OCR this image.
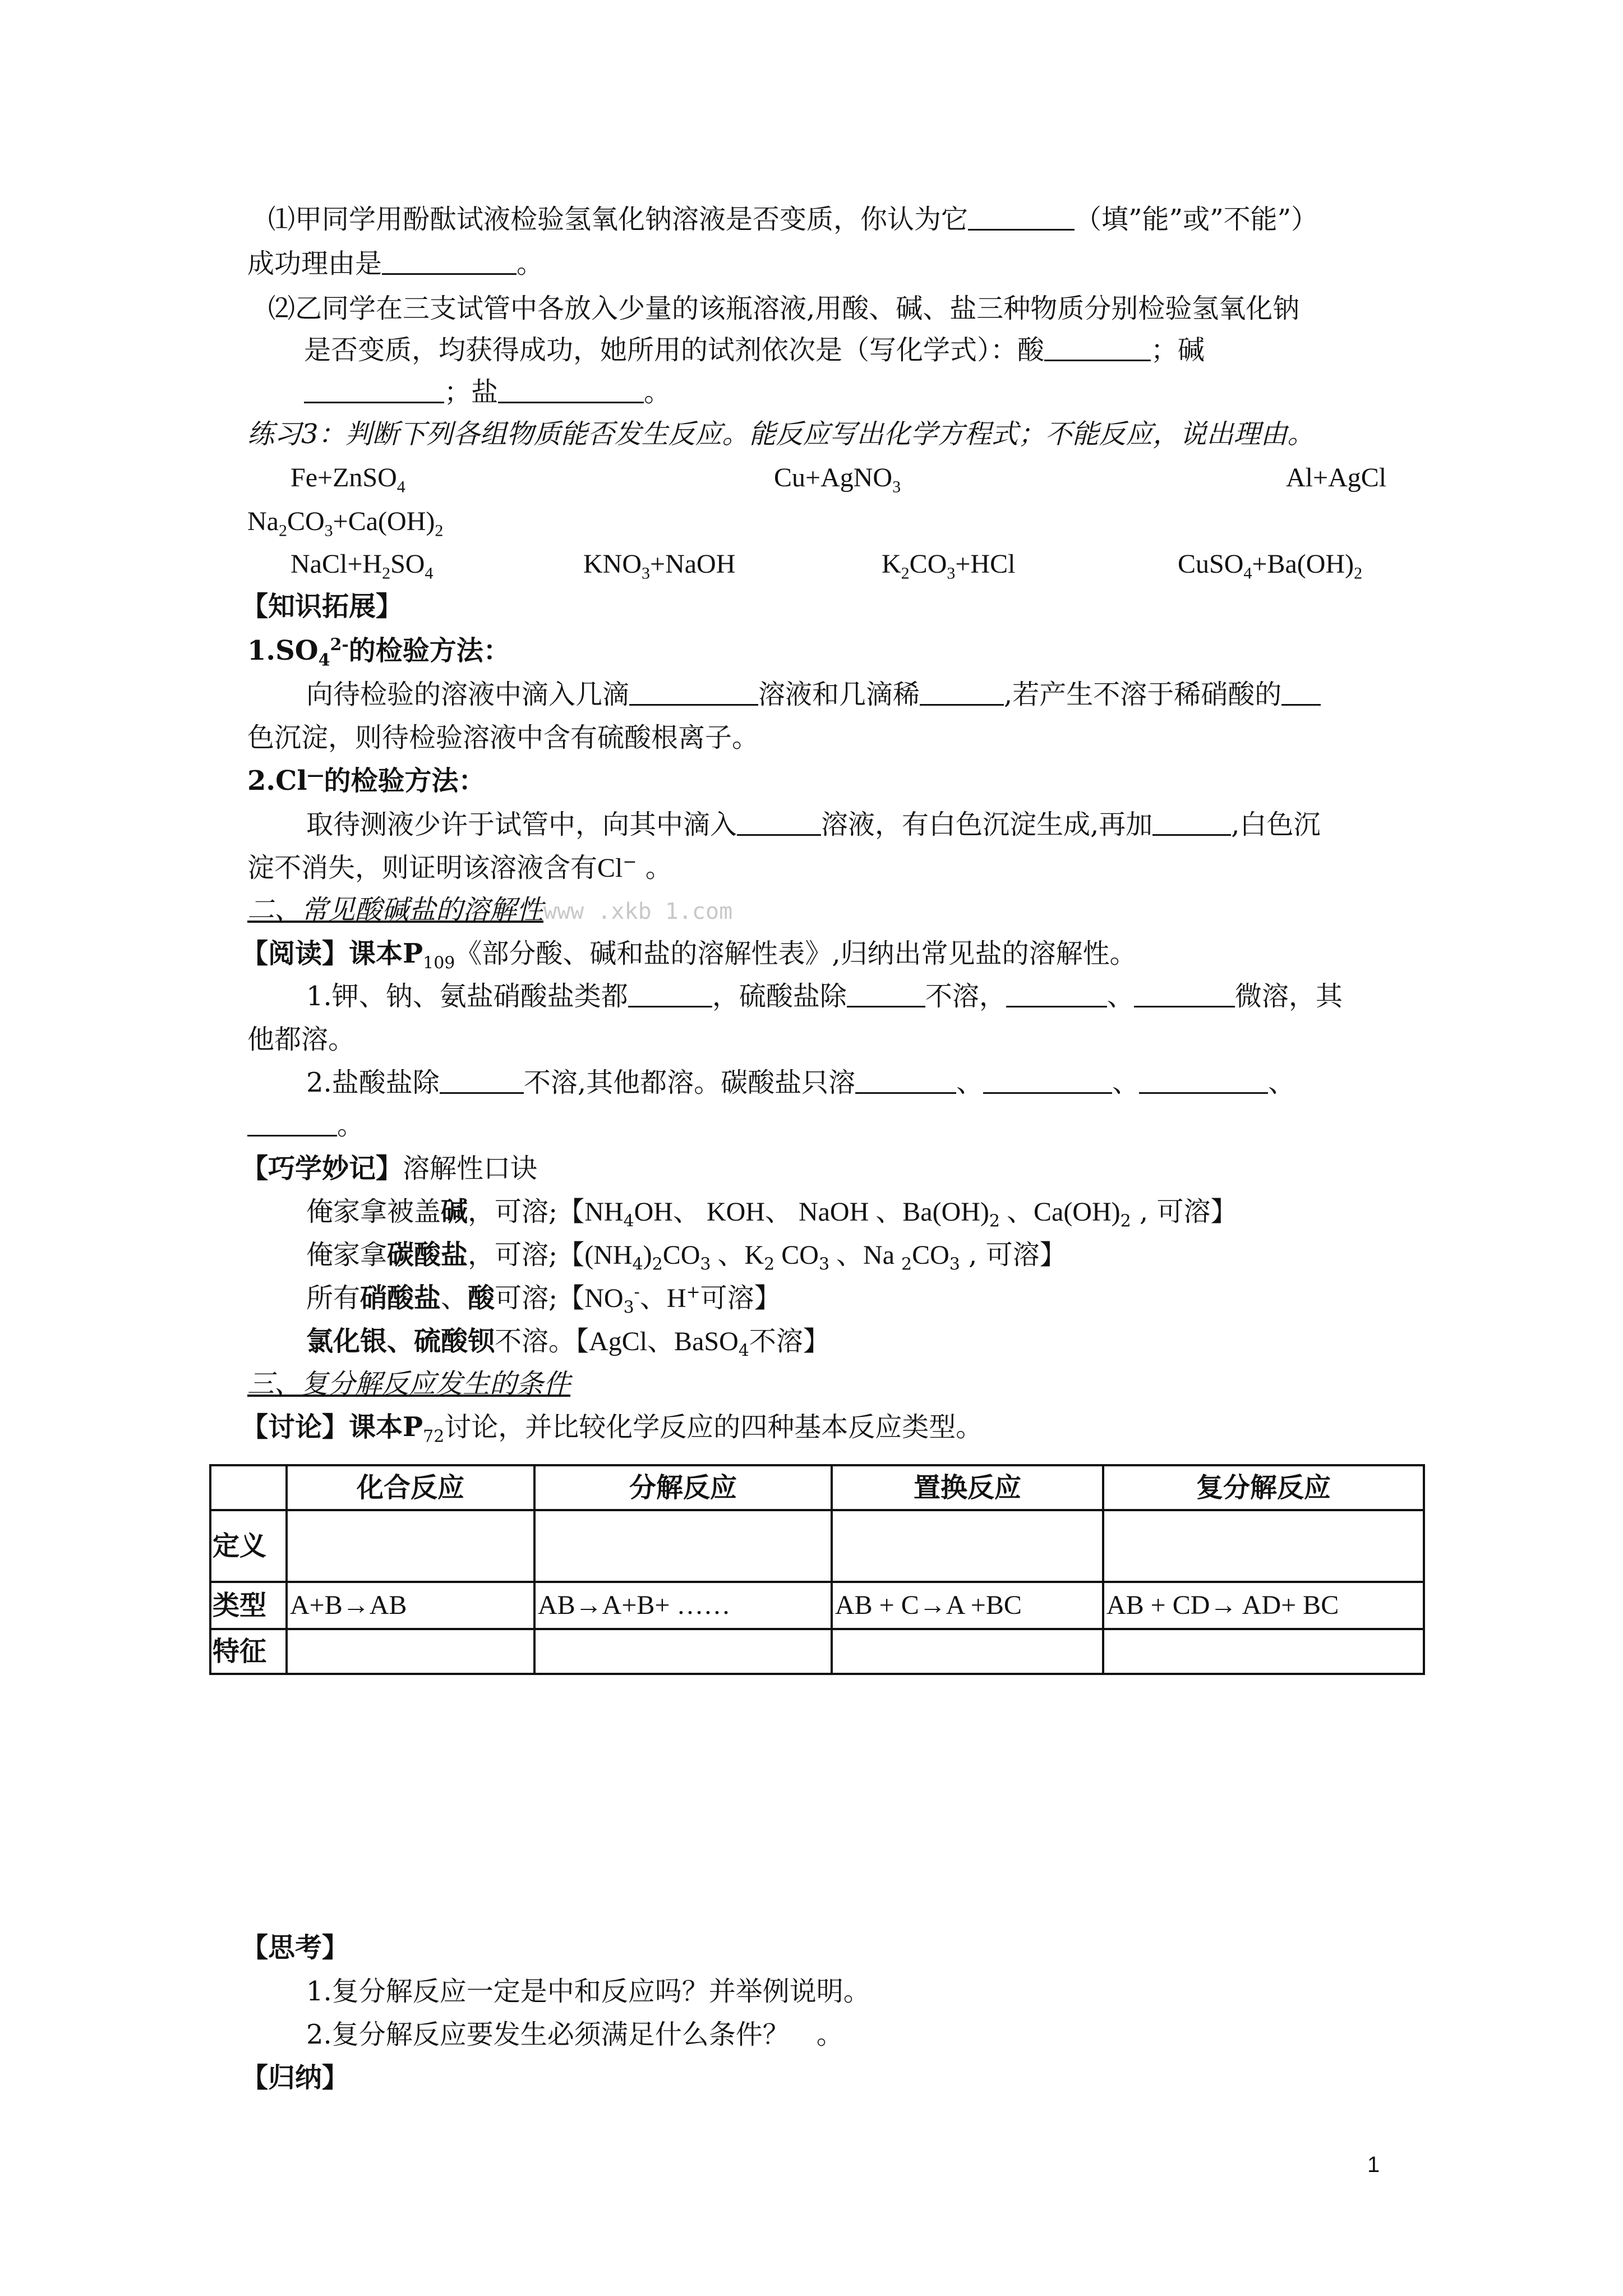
⑴甲同学用酚酞试液检验氢氧化钠溶液是否变质，你认为它	（填”能”或”不能”）
成功理由是	。
⑵乙同学在三支试管中各放入少量的该瓶溶液,用酸、碱、盐三种物质分别检验氢氧化钠
是否变质，均获得成功，她所用的试剂依次是（写化学式）：酸	；碱
；盐	。
练习3：判断下列各组物质能否发生反应。能反应写出化学方程式；不能反应，说出理由。
Fe+ZnSO$_4$	Cu+AgNO$_3$	Al+AgCl
$Na_2CO_3+Ca(OH)_2$
$NaCl+H_2SO_4$	$KNO_3+NaOH$	$K_2CO_3+HCl$	$CuSO_4+Ba(OH)_2$
【知识拓展】
$1.SO_4^{2-}$的检验方法：
向待检验的溶液中滴入几滴	溶液和几滴稀	,若产生不溶于稀硝酸的
色沉淀，则待检验溶液中含有硫酸根离子。
2.Cl—的检验方法：
取待测液少许于试管中，向其中滴入	溶液，有白色沉淀生成,再加	,白色沉
淀不消失，则证明该溶液含有Cl− 。
二、常见酸碱盐的溶解性www .xkb 1.com
【阅读】课本$P_{109}$《部分酸、碱和盐的溶解性表》,归纳出常见盐的溶解性。
1.钾、钠、氨盐硝酸盐类都	，硫酸盐除	不溶，	、	微溶，其
他都溶。
2.盐酸盐除	不溶,其他都溶。碳酸盐只溶	、	、	、
。
【巧学妙记】溶解性口诀
俺家拿被盖碱，可溶;【$NH_4OH$、 KOH、 NaOH 、$Ba(OH)_2$ 、$Ca(OH)_2$ , 可溶】
俺家拿碳酸盐，可溶;【$(NH_4)_2CO_3$ 、$K_2$ $CO_3$ 、Na $_2CO_3$ , 可溶】
所有硝酸盐、酸可溶;【$NO_3^-$、H+可溶】
氯化银、硫酸钡不溶。【AgCl、BaSO$_4$不溶】
三、复分解反应发生的条件
【讨论】课本$P_{72}$讨论，并比较化学反应的四种基本反应类型。
	化合反应	分解反应	置换反应	复分解反应
定义				
类型	A+B→AB	AB→A+B+ ……	AB + C→A +BC	AB + CD→ AD+ BC
特征				
【思考】
1.复分解反应一定是中和反应吗？并举例说明。
2.复分解反应要发生必须满足什么条件？　。
【归纳】
1
